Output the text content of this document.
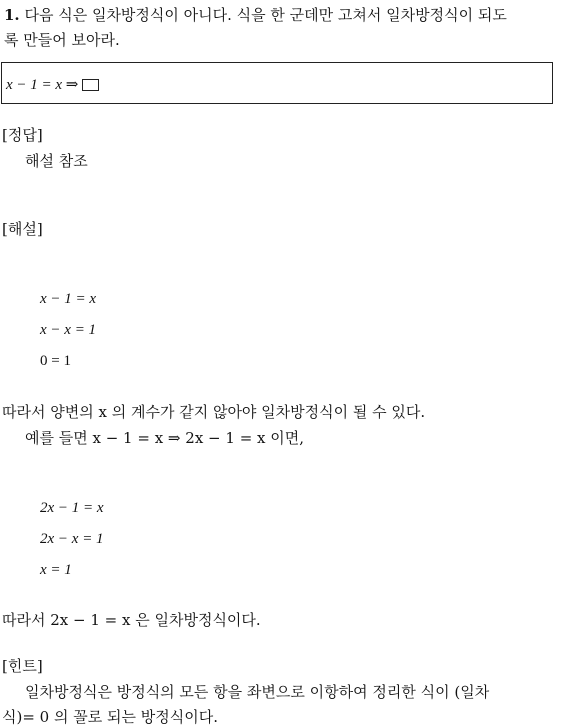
1. 다음 식은 일차방정식이 아니다. 식을 한 군데만 고쳐서 일차방정식이 되도
록 만들어 보아라.
x − 1 = x ⇒
[정답]
해설 참조
[해설]
x − 1 = x
x − x = 1
0 = 1
따라서 양변의 x 의 계수가 같지 않아야 일차방정식이 될 수 있다.
예를 들면 x − 1 = x ⇒ 2x − 1 = x 이면,
2x − 1 = x
2x − x = 1
x = 1
따라서 2x − 1 = x 은 일차방정식이다.
[힌트]
일차방정식은 방정식의 모든 항을 좌변으로 이항하여 정리한 식이 (일차
식)= 0 의 꼴로 되는 방정식이다.
